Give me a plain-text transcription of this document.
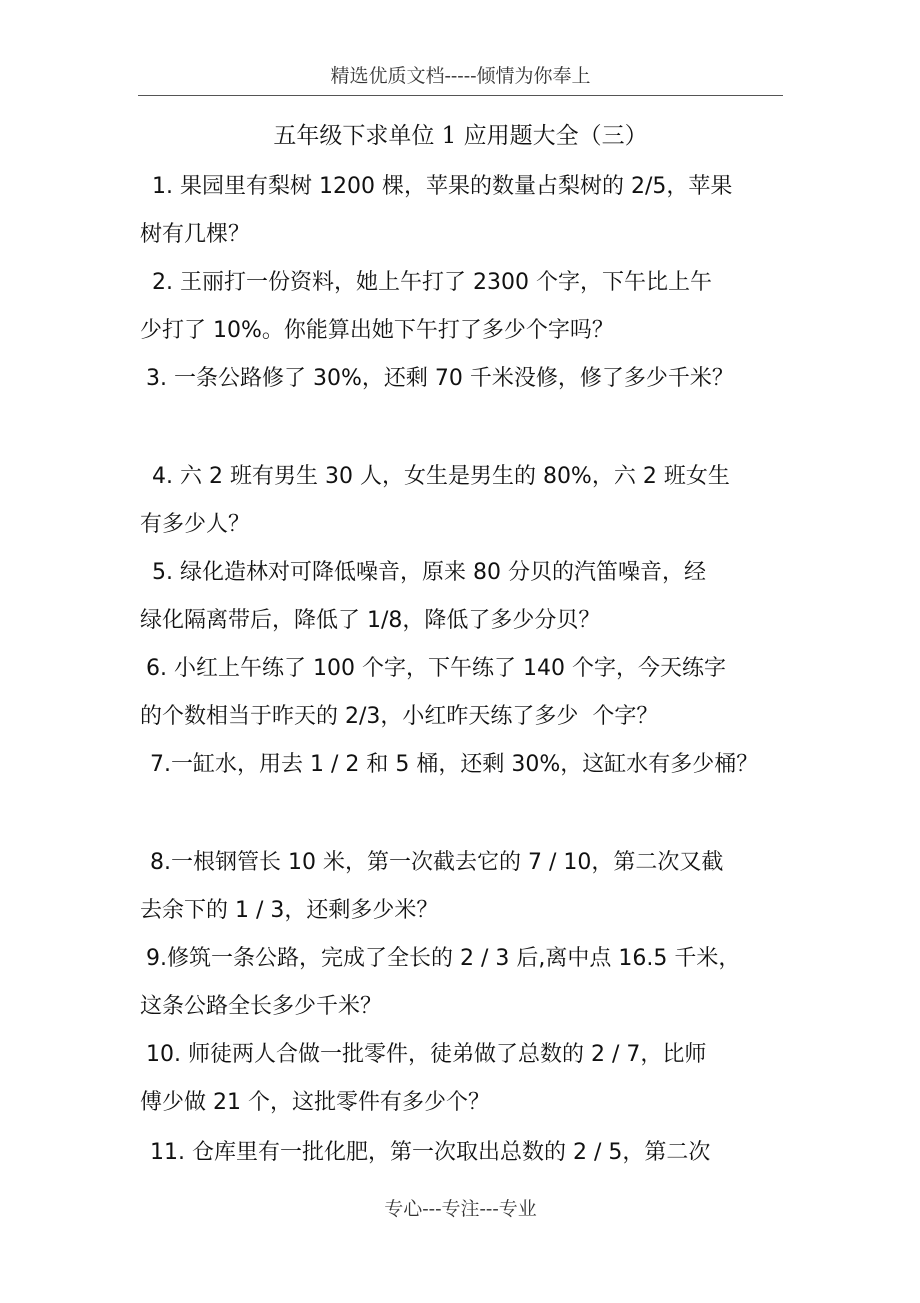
精选优质文档-----倾情为你奉上
五年级下求单位 1 应用题大全（三）
1. 果园里有梨树 1200 棵，苹果的数量占梨树的 2/5，苹果
树有几棵？
2. 王丽打一份资料，她上午打了 2300 个字，下午比上午
少打了 10%。你能算出她下午打了多少个字吗？
3. 一条公路修了 30%，还剩 70 千米没修，修了多少千米？
4. 六 2 班有男生 30 人，女生是男生的 80%，六 2 班女生
有多少人？
5. 绿化造林对可降低噪音，原来 80 分贝的汽笛噪音，经
绿化隔离带后，降低了 1/8，降低了多少分贝？
6. 小红上午练了 100 个字，下午练了 140 个字，今天练字
的个数相当于昨天的 2/3，小红昨天练了多少  个字？
7.一缸水，用去 1 / 2 和 5 桶，还剩 30%，这缸水有多少桶？
8.一根钢管长 10 米，第一次截去它的 7 / 10，第二次又截
去余下的 1 / 3，还剩多少米？
9.修筑一条公路，完成了全长的 2 / 3 后,离中点 16.5 千米，
这条公路全长多少千米？
10. 师徒两人合做一批零件，徒弟做了总数的 2 / 7，比师
傅少做 21 个，这批零件有多少个？
11. 仓库里有一批化肥，第一次取出总数的 2 / 5，第二次
专心---专注---专业
